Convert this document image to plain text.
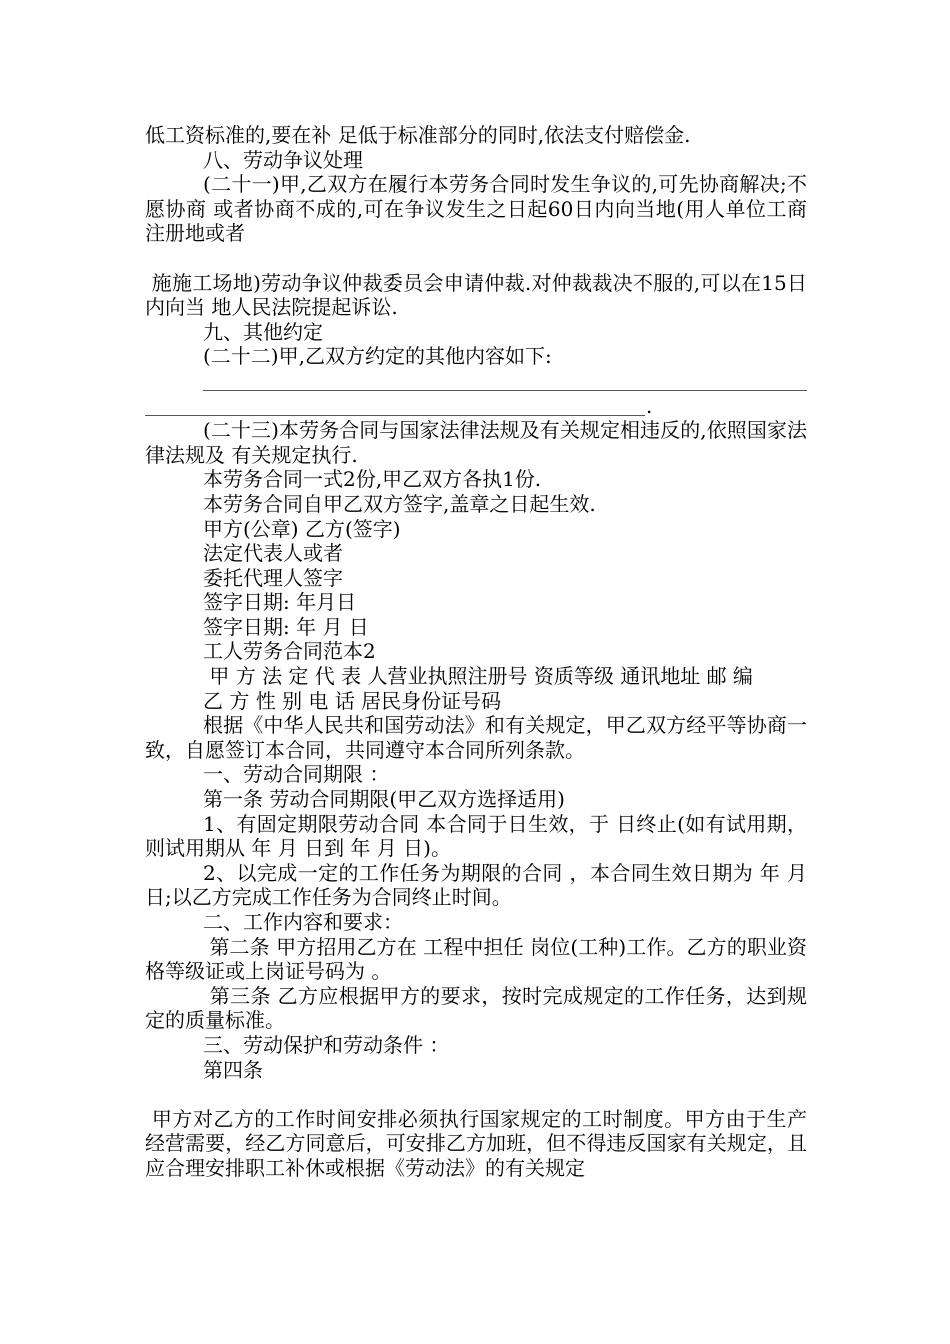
低工资标准的,要在补 足低于标准部分的同时,依法支付赔偿金.

八、劳动争议处理

(二十一)甲,乙双方在履行本劳务合同时发生争议的,可先协商解决;不愿协商 或者协商不成的,可在争议发生之日起60日内向当地(用人单位工商注册地或者

施施工场地)劳动争议仲裁委员会申请仲裁.对仲裁裁决不服的,可以在15日内向当 地人民法院提起诉讼.

九、其他约定

(二十二)甲,乙双方约定的其他内容如下:

.

(二十三)本劳务合同与国家法律法规及有关规定相违反的,依照国家法律法规及 有关规定执行.

本劳务合同一式2份,甲乙双方各执1份.

本劳务合同自甲乙双方签字,盖章之日起生效.

甲方(公章) 乙方(签字)

法定代表人或者

委托代理人签字

签字日期: 年月日

签字日期: 年 月 日

工人劳务合同范本2

甲 方 法 定 代 表 人营业执照注册号 资质等级 通讯地址 邮 编

乙 方 性 别 电 话 居民身份证号码

根据《中华人民共和国劳动法》和有关规定，甲乙双方经平等协商一致，自愿签订本合同，共同遵守本合同所列条款。

一、劳动合同期限 ：

第一条 劳动合同期限(甲乙双方选择适用)

1、有固定期限劳动合同 本合同于日生效，于 日终止(如有试用期，则试用期从 年 月 日到 年 月 日)。

2、以完成一定的工作任务为期限的合同 ，本合同生效日期为 年 月 日;以乙方完成工作任务为合同终止时间。

二、工作内容和要求：

第二条 甲方招用乙方在 工程中担任 岗位(工种)工作。乙方的职业资格等级证或上岗证号码为 。

第三条 乙方应根据甲方的要求，按时完成规定的工作任务，达到规定的质量标准。

三、劳动保护和劳动条件 ：

第四条

甲方对乙方的工作时间安排必须执行国家规定的工时制度。甲方由于生产经营需要，经乙方同意后，可安排乙方加班，但不得违反国家有关规定，且应合理安排职工补休或根据《劳动法》的有关规定
